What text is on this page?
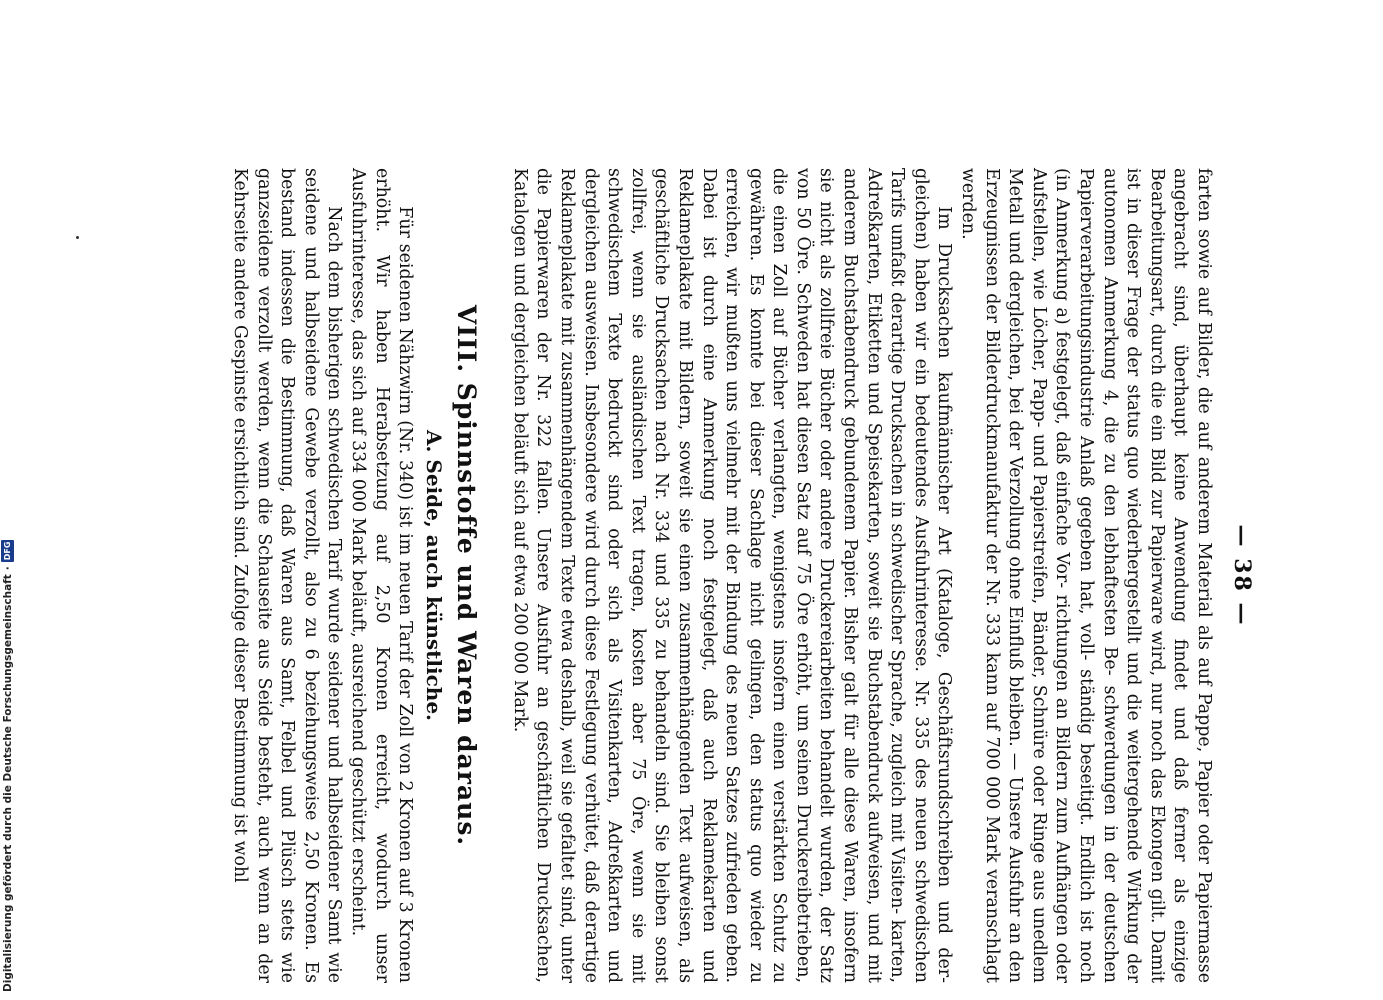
Digitalisierung gefördert durch die Deutsche Forschungsgemeinschaft
·
DFG	— 38 —

farten sowie auf Bilder, die auf anderem Material als auf Pappe, Papier oder Papiermasse angebracht sind, überhaupt keine Anwendung findet und daß ferner als einzige Bearbeitungsart, durch die ein Bild zur Papierware wird, nur noch das Ekongen gilt. Damit ist in dieser Frage der status quo wiederhergestellt und die weitergehende Wirkung der autonomen Anmerkung 4, die zu den lebhaftesten Be- schwerdungen in der deutschen Papierverarbeitungsindustrie Anlaß gegeben hat, voll- ständig beseitigt. Endlich ist noch (in Anmerkung a) festgelegt, daß einfache Vor- richtungen an Bildern zum Aufhängen oder Aufstellen, wie Löcher, Papp- und Papierstreifen, Bänder, Schnüre oder Ringe aus unedlem Metall und dergleichen, bei der Verzollung ohne Einfluß bleiben. — Unsere Ausfuhr an den Erzeugnissen der Bilderdruckmanufaktur der Nr. 333 kann auf 700 000 Mark veranschlagt werden.

Im Drucksachen kaufmännischer Art (Kataloge, Geschäftsrundschreiben und der- gleichen) haben wir ein bedeutendes Ausfuhrinteresse. Nr. 335 des neuen schwedischen Tarifs umfaßt derartige Drucksachen in schwedischer Sprache, zugleich mit Visiten- karten, Adreßkarten, Etiketten und Speisekarten, soweit sie Buchstabendruck aufweisen, und mit anderem Buchstabendruck gebundenem Papier. Bisher galt für alle diese Waren, insofern sie nicht als zollfreie Bücher oder andere Druckereiarbeiten behandelt wurden, der Satz von 50 Öre. Schweden hat diesen Satz auf 75 Öre erhöht, um seinen Druckereibetrieben, die einen Zoll auf Bücher verlangten, wenigstens insofern einen verstärkten Schutz zu gewähren. Es konnte bei dieser Sachlage nicht gelingen, den status quo wieder zu erreichen, wir mußten uns vielmehr mit der Bindung des neuen Satzes zufrieden geben. Dabei ist durch eine Anmerkung noch festgelegt, daß auch Reklamekarten und Reklameplakate mit Bildern, soweit sie einen zusammenhängenden Text aufweisen, als geschäftliche Drucksachen nach Nr. 334 und 335 zu behandeln sind. Sie bleiben sonst zollfrei, wenn sie ausländischen Text tragen, kosten aber 75 Öre, wenn sie mit schwedischem Texte bedruckt sind oder sich als Visitenkarten, Adreßkarten und dergleichen ausweisen. Insbesondere wird durch diese Festlegung verhütet, daß derartige Reklameplakate mit zusammenhängendem Texte etwa deshalb, weil sie gefaltet sind, unter die Papierwaren der Nr. 322 fallen. Unsere Ausfuhr an geschäftlichen Drucksachen, Katalogen und dergleichen beläuft sich auf etwa 200 000 Mark.

VIII. Spinnstoffe und Waren daraus.
A. Seide, auch künstliche.

Für seidenen Nähzwirn (Nr. 340) ist im neuen Tarif der Zoll von 2 Kronen auf 3 Kronen erhöht. Wir haben Herabsetzung auf 2,50 Kronen erreicht, wodurch unser Ausfuhrinteresse, das sich auf 334 000 Mark beläuft, ausreichend geschützt erscheint.

Nach dem bisherigen schwedischen Tarif wurde seidener und halbseidener Samt wie seidene und halbseidene Gewebe verzollt, also zu 6 beziehungsweise 2,50 Kronen. Es bestand indessen die Bestimmung, daß Waren aus Samt, Felbel und Plüsch stets wie ganzseidene verzollt werden, wenn die Schauseite aus Seide besteht, auch wenn an der Kehrseite andere Gespinste ersichtlich sind. Zufolge dieser Bestimmung ist wohl
